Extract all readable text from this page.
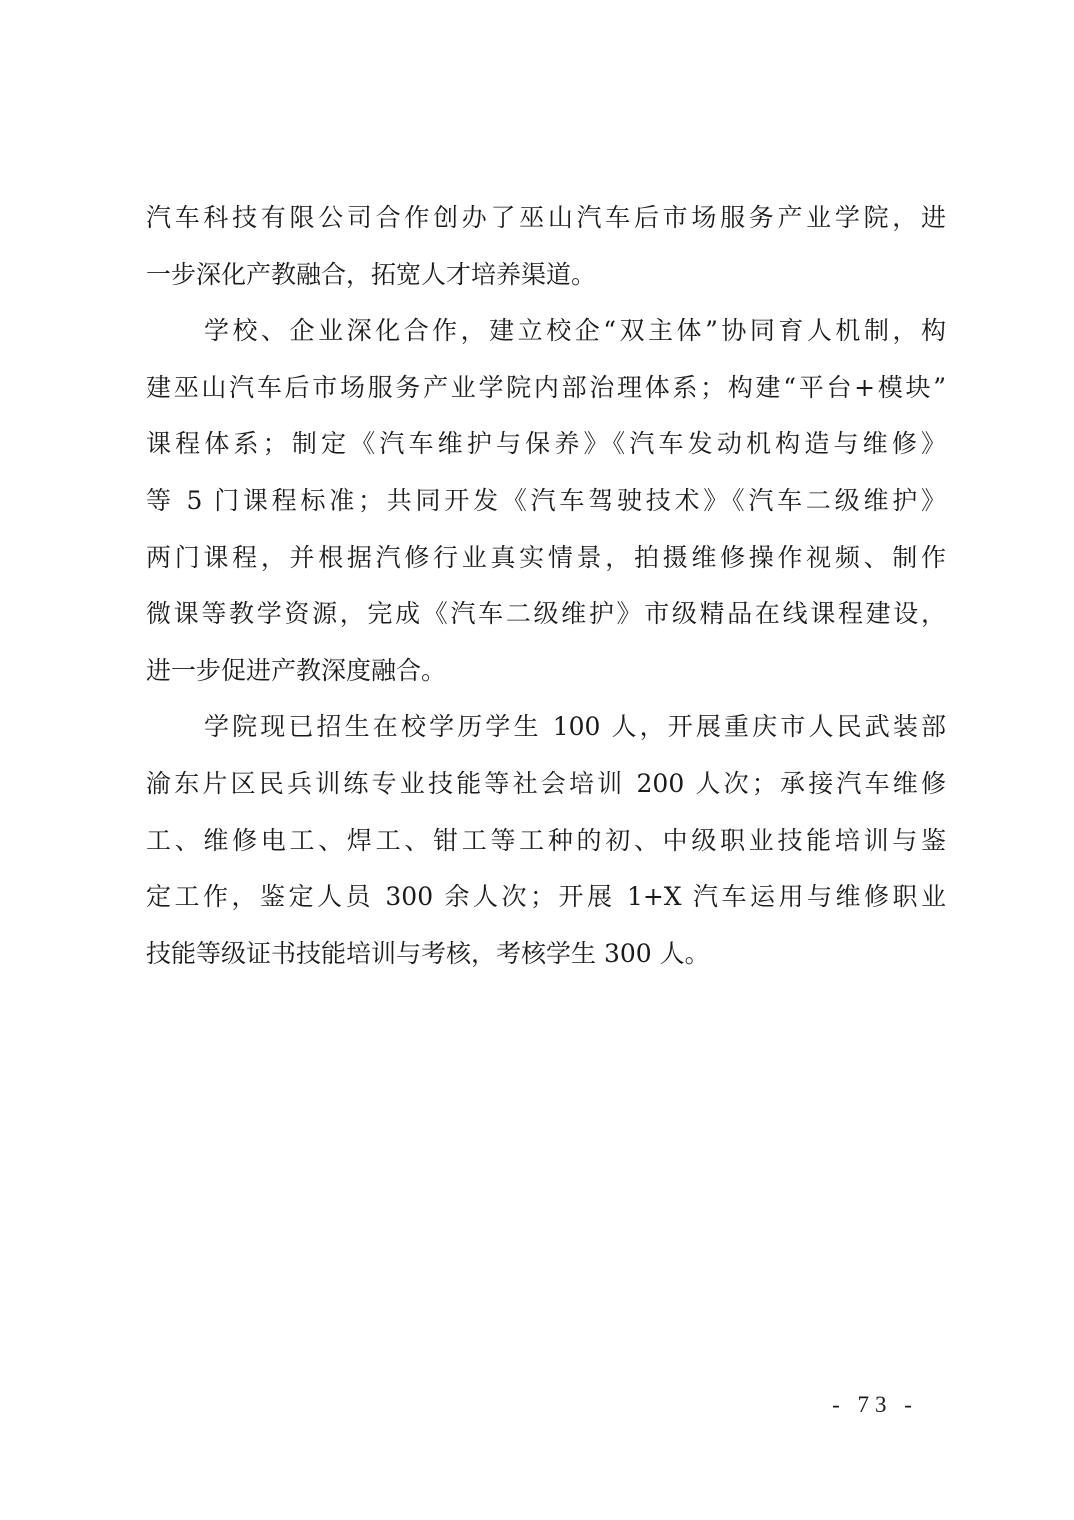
汽车科技有限公司合作创办了巫山汽车后市场服务产业学院，进
一步深化产教融合，拓宽人才培养渠道。
学校、企业深化合作，建立校企“双主体”协同育人机制，构
建巫山汽车后市场服务产业学院内部治理体系；构建“平台+模块”
课程体系；制定《汽车维护与保养》《汽车发动机构造与维修》
等 5 门课程标准；共同开发《汽车驾驶技术》《汽车二级维护》
两门课程，并根据汽修行业真实情景，拍摄维修操作视频、制作
微课等教学资源，完成《汽车二级维护》市级精品在线课程建设，
进一步促进产教深度融合。
学院现已招生在校学历学生 100 人，开展重庆市人民武装部
渝东片区民兵训练专业技能等社会培训 200 人次；承接汽车维修
工、维修电工、焊工、钳工等工种的初、中级职业技能培训与鉴
定工作，鉴定人员 300 余人次；开展 1+X 汽车运用与维修职业
技能等级证书技能培训与考核，考核学生 300 人。
- 73 -
